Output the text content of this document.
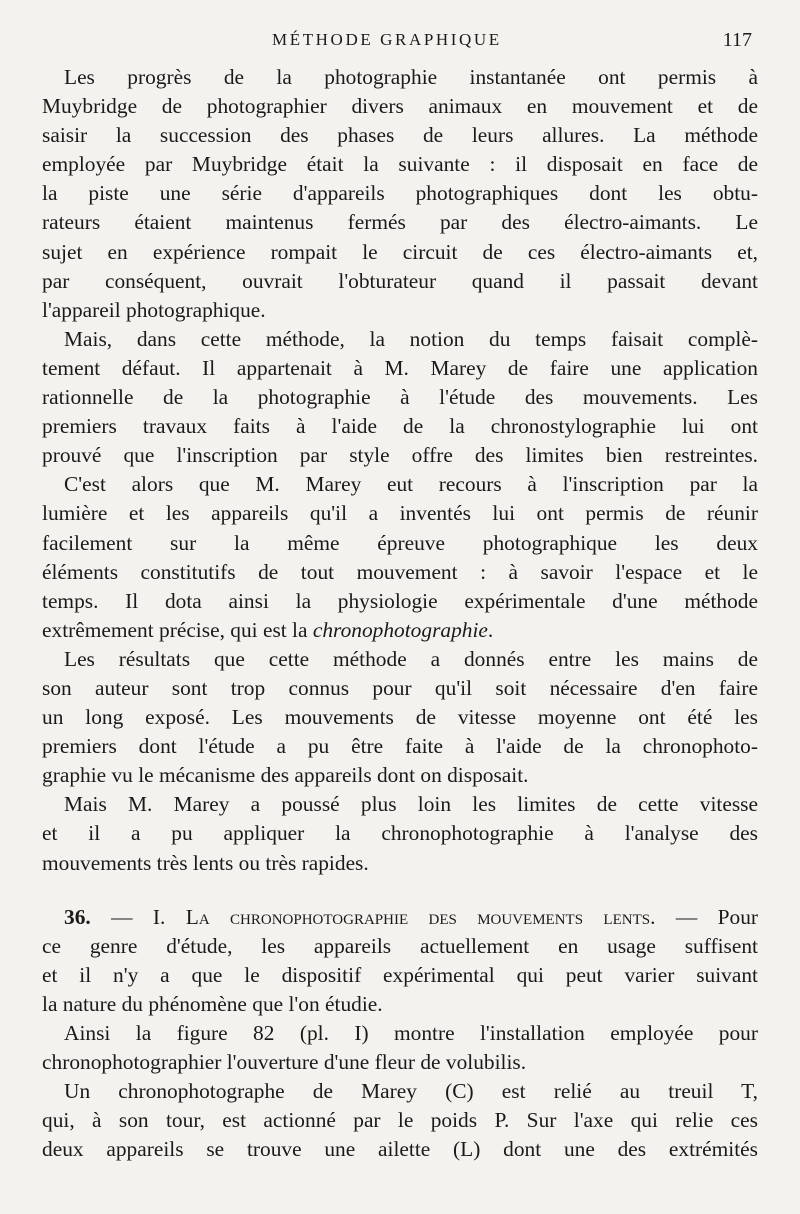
MÉTHODE GRAPHIQUE	117

Les progrès de la photographie instantanée ont permis à
Muybridge de photographier divers animaux en mouvement et de
saisir la succession des phases de leurs allures. La méthode
employée par Muybridge était la suivante : il disposait en face de
la piste une série d'appareils photographiques dont les obtu-
rateurs étaient maintenus fermés par des électro-aimants. Le
sujet en expérience rompait le circuit de ces électro-aimants et,
par conséquent, ouvrait l'obturateur quand il passait devant
l'appareil photographique.
Mais, dans cette méthode, la notion du temps faisait complè-
tement défaut. Il appartenait à M. Marey de faire une application
rationnelle de la photographie à l'étude des mouvements. Les
premiers travaux faits à l'aide de la chronostylographie lui ont
prouvé que l'inscription par style offre des limites bien restreintes.
C'est alors que M. Marey eut recours à l'inscription par la
lumière et les appareils qu'il a inventés lui ont permis de réunir
facilement sur la même épreuve photographique les deux
éléments constitutifs de tout mouvement : à savoir l'espace et le
temps. Il dota ainsi la physiologie expérimentale d'une méthode
extrêmement précise, qui est la chronophotographie.
Les résultats que cette méthode a donnés entre les mains de
son auteur sont trop connus pour qu'il soit nécessaire d'en faire
un long exposé. Les mouvements de vitesse moyenne ont été les
premiers dont l'étude a pu être faite à l'aide de la chronophoto-
graphie vu le mécanisme des appareils dont on disposait.
Mais M. Marey a poussé plus loin les limites de cette vitesse
et il a pu appliquer la chronophotographie à l'analyse des
mouvements très lents ou très rapides.
36. — I. La chronophotographie des mouvements lents. — Pour
ce genre d'étude, les appareils actuellement en usage suffisent
et il n'y a que le dispositif expérimental qui peut varier suivant
la nature du phénomène que l'on étudie.
Ainsi la figure 82 (pl. I) montre l'installation employée pour
chronophotographier l'ouverture d'une fleur de volubilis.
Un chronophotographe de Marey (C) est relié au treuil T,
qui, à son tour, est actionné par le poids P. Sur l'axe qui relie ces
deux appareils se trouve une ailette (L) dont une des extrémités
